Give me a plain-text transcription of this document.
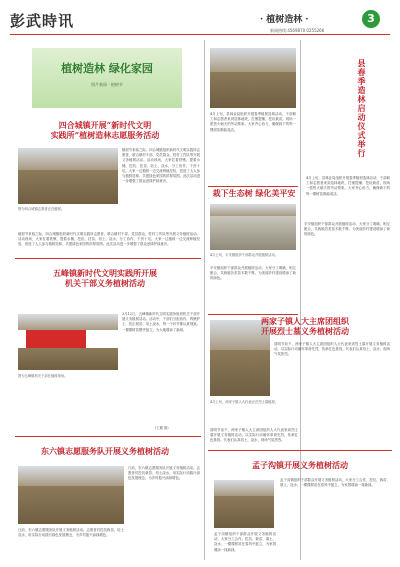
彭武時讯	· 植树造林 ·	3
新闻热线:4569870 0255266
植树造林 绿化家园
图片新闻 · 植树节
四合城镇开展“新时代文明
实践所”植树造林志愿服务活动
植树节来临之际，四合城镇组织新时代文明实践所志愿者，联合镇村干部、党员群众、驻村工作队等开展义务植树活动。活动现场，大家扛着铁锹、提着水桶，挖坑、扶苗、培土、浇水，分工协作，干劲十足。大家一边植树一边交流种植经验，营造了人人参与植树造林、共建绿色家园的浓厚氛围。此次活动进一步增强了群众爱绿护绿意识。
图为四合城镇志愿者正在植树。
植树节来临之际，四合城镇组织新时代文明实践所志愿者，联合镇村干部、党员群众、驻村工作队等开展义务植树活动。活动现场，大家扛着铁锹、提着水桶，挖坑、扶苗、培土、浇水，分工协作，干劲十足。大家一边植树一边交流种植经验，营造了人人参与植树造林、共建绿色家园的浓厚氛围。此次活动进一步增强了群众爱绿护绿意识。
五峰镇新时代文明实践所开展
机关干部义务植树活动
3月12日，五峰镇新时代文明实践所组织机关干部开展义务植树活动。活动中，干部们分组协作，挥锹铲土、扶正树苗、培土浇水，每一个环节都认真细致。一棵棵树苗整齐挺立，为大地增添了新绿。
图为五峰镇机关干部在植树现场。
(王鹏 摄)
东六镇志愿服务队开展义务植树活动
日前，东六镇志愿服务队开展义务植树活动。志愿者们挖坑栽苗、培土浇水，用实际行动践行绿色发展理念，为乡村振兴添绿增色。
日前，东六镇志愿服务队开展义务植树活动。志愿者们挖坑栽苗、培土浇水，用实际行动践行绿色发展理念，为乡村振兴添绿增色。
4月上旬，县林业局组织开展春季植树造林活动，干部职工和志愿者来到造林地块，扛锹提桶、挖坑栽苗，现场一派热火朝天的劳动景象。大家齐心协力，确保栽下的每一棵树苗都能成活。
栽下生态树 绿化美平安
4月上旬，平安镇组织干部群众开展植树活动。
平安镇组织干部群众开展植树活动，大家分工明确，相互配合，共栽植各类苗木数千株，为美丽乡村建设增添了新的绿色。
4月上旬，两家子镇人大代表正在烈士墓植树。
清明节前夕，两家子镇人大主席团组织人大代表来到烈士墓开展义务植树活动，以实际行动缅怀革命先烈，传承红色基因。代表们认真培土、浇水，现场气氛热烈。
县春季造林启动仪式举行
4月上旬，县林业局组织开展春季植树造林活动，干部职工和志愿者来到造林地块，扛锹提桶、挖坑栽苗，现场一派热火朝天的劳动景象。大家齐心协力，确保栽下的每一棵树苗都能成活。
平安镇组织干部群众开展植树活动，大家分工明确，相互配合，共栽植各类苗木数千株，为美丽乡村建设增添了新的绿色。
两家子镇人大主席团组织
开展烈士墓义务植树活动
清明节前夕，两家子镇人大主席团组织人大代表来到烈士墓开展义务植树活动，以实际行动缅怀革命先烈，传承红色基因。代表们认真培土、浇水，现场气氛热烈。
孟子沟镇开展义务植树活动
孟子沟镇组织干部群众开展义务植树活动，大家分工合作，挖坑、栽苗、填土、浇水，一棵棵树苗在春风中挺立，为家园增添一抹新绿。
孟子沟镇组织干部群众开展义务植树活动，大家分工合作，挖坑、栽苗、填土、浇水，一棵棵树苗在春风中挺立，为家园增添一抹新绿。
